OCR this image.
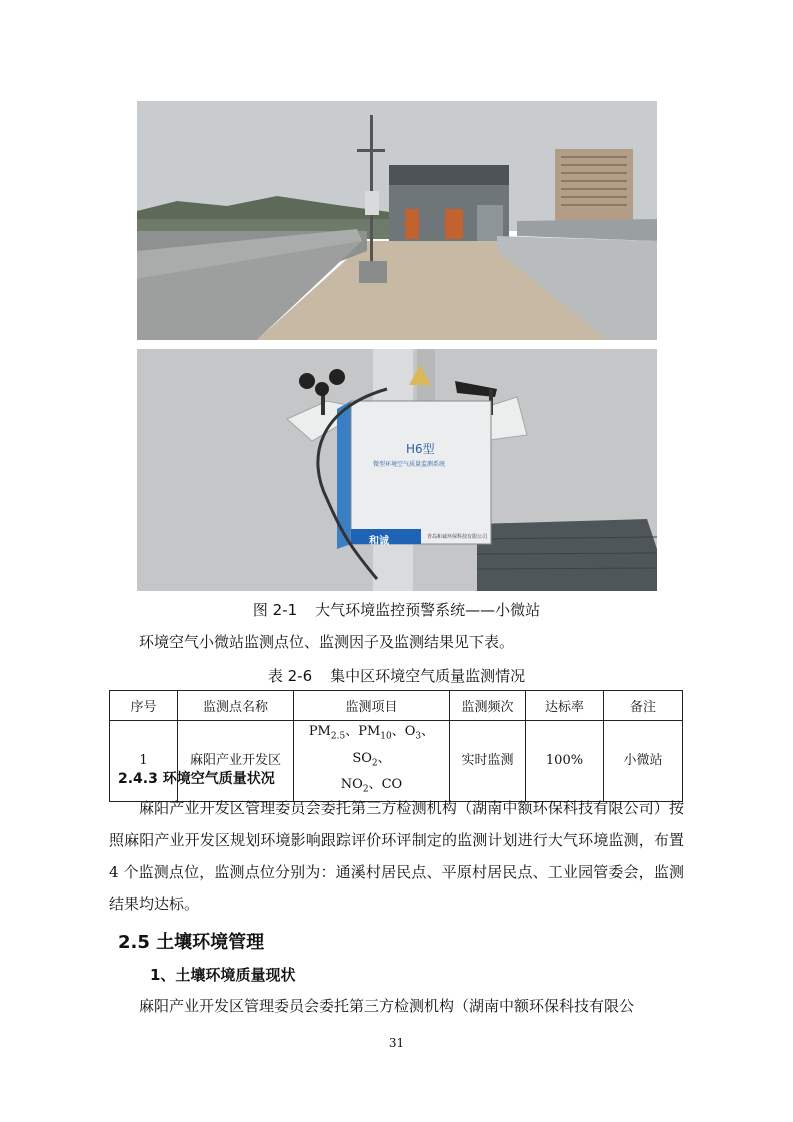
H6型
微型环境空气质量监测系统
和诚	青岛和诚环保科技有限公司
图 2-1 大气环境监控预警系统——小微站
环境空气小微站监测点位、监测因子及监测结果见下表。
表 2-6 集中区环境空气质量监测情况
序号	监测点名称	监测项目	监测频次	达标率	备注
1	麻阳产业开发区	$PM_{2.5}$、$PM_{10}$、$O_3$、$SO_2$、
$NO_2$、CO	实时监测	100%	小微站
2.4.3 环境空气质量状况
麻阳产业开发区管理委员会委托第三方检测机构（湖南中额环保科技有限公司）按照麻阳产业开发区规划环境影响跟踪评价环评制定的监测计划进行大气环境监测，布置 4 个监测点位，监测点位分别为：通溪村居民点、平原村居民点、工业园管委会，监测结果均达标。
2.5 土壤环境管理
1、土壤环境质量现状
麻阳产业开发区管理委员会委托第三方检测机构（湖南中额环保科技有限公
31
